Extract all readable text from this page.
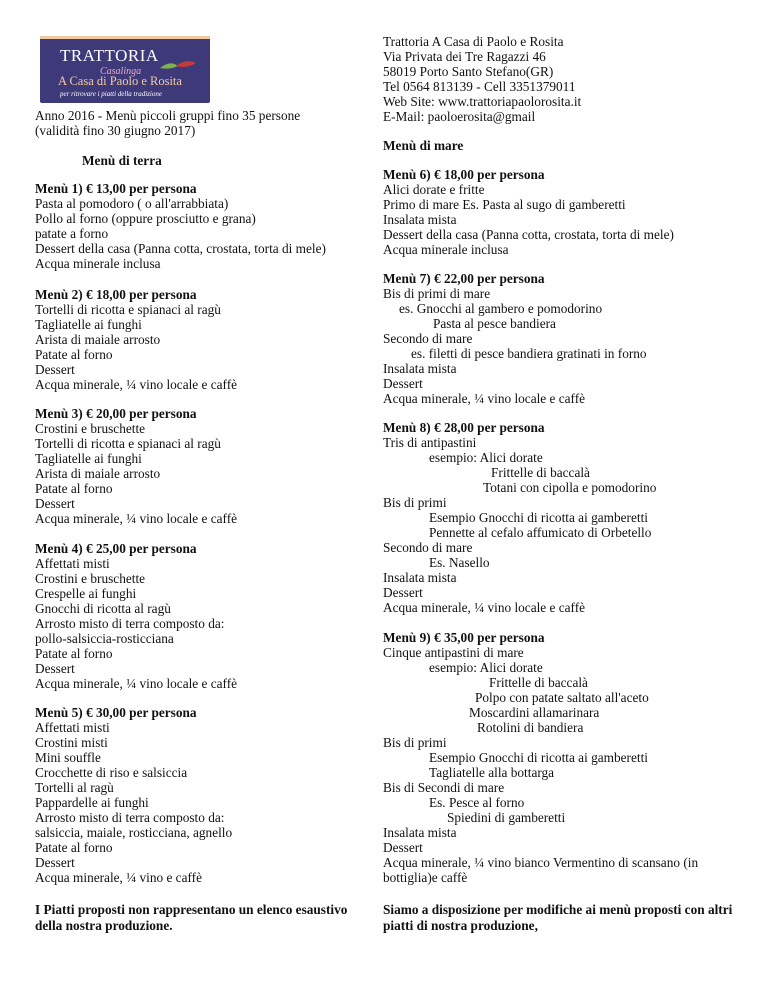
TRATTORIA
Casalinga
A Casa di Paolo e Rosita
per ritrovare i piatti della tradizione
Anno 2016 - Menù piccoli gruppi fino 35 persone
(validità fino 30 giugno 2017)
Menù di terra
Menù 1) € 13,00 per persona
Pasta al pomodoro ( o all'arrabbiata)
Pollo al forno (oppure prosciutto e grana)
patate a forno
Dessert della casa (Panna cotta, crostata, torta di mele)
Acqua minerale inclusa
Menù 2) € 18,00 per persona
Tortelli di ricotta e spianaci al ragù
Tagliatelle ai funghi
Arista di maiale arrosto
Patate al forno
Dessert
Acqua minerale, ¼ vino locale e caffè
Menù 3) € 20,00 per persona
Crostini e bruschette
Tortelli di ricotta e spianaci al ragù
Tagliatelle ai funghi
Arista di maiale arrosto
Patate al forno
Dessert
Acqua minerale, ¼ vino locale e caffè
Menù 4) € 25,00 per persona
Affettati misti
Crostini e bruschette
Crespelle ai funghi
Gnocchi di ricotta al ragù
Arrosto misto di terra composto da:
pollo-salsiccia-rosticciana
Patate al forno
Dessert
Acqua minerale, ¼ vino locale e caffè
Menù 5) € 30,00 per persona
Affettati misti
Crostini misti
Mini souffle
Crocchette di riso e salsiccia
Tortelli al ragù
Pappardelle ai funghi
Arrosto misto di terra composto da:
salsiccia, maiale, rosticciana, agnello
Patate al forno
Dessert
Acqua minerale, ¼ vino e caffè
I Piatti proposti non rappresentano un elenco esaustivo della nostra produzione.
Trattoria A Casa di Paolo e Rosita
Via Privata dei Tre Ragazzi 46
58019 Porto Santo Stefano(GR)
Tel 0564 813139 - Cell 3351379011
Web Site: www.trattoriapaolorosita.it
E-Mail: paoloerosita@gmail
Menù di mare
Menù 6) € 18,00 per persona
Alici dorate e fritte
Primo di mare Es. Pasta al sugo di gamberetti
Insalata mista
Dessert della casa (Panna cotta, crostata, torta di mele)
Acqua minerale inclusa
Menù 7) € 22,00 per persona
Bis di primi di mare
es. Gnocchi al gambero e pomodorino
Pasta al pesce bandiera
Secondo di mare
es. filetti di pesce bandiera gratinati in forno
Insalata mista
Dessert
Acqua minerale, ¼ vino locale e caffè
Menù 8) € 28,00 per persona
Tris di antipastini
esempio: Alici dorate
Frittelle di baccalà
Totani con cipolla e pomodorino
Bis di primi
Esempio Gnocchi di ricotta ai gamberetti
Pennette al cefalo affumicato di Orbetello
Secondo di mare
Es. Nasello
Insalata mista
Dessert
Acqua minerale, ¼ vino locale e caffè
Menù 9) € 35,00 per persona
Cinque antipastini di mare
esempio: Alici dorate
Frittelle di baccalà
Polpo con patate saltato all'aceto
Moscardini allamarinara
Rotolini di bandiera
Bis di primi
Esempio Gnocchi di ricotta ai gamberetti
Tagliatelle alla bottarga
Bis di Secondi di mare
Es. Pesce al forno
Spiedini di gamberetti
Insalata mista
Dessert
Acqua minerale, ¼ vino bianco Vermentino di scansano (in bottiglia)e caffè
Siamo a disposizione per modifiche ai menù proposti con altri piatti di nostra produzione,
